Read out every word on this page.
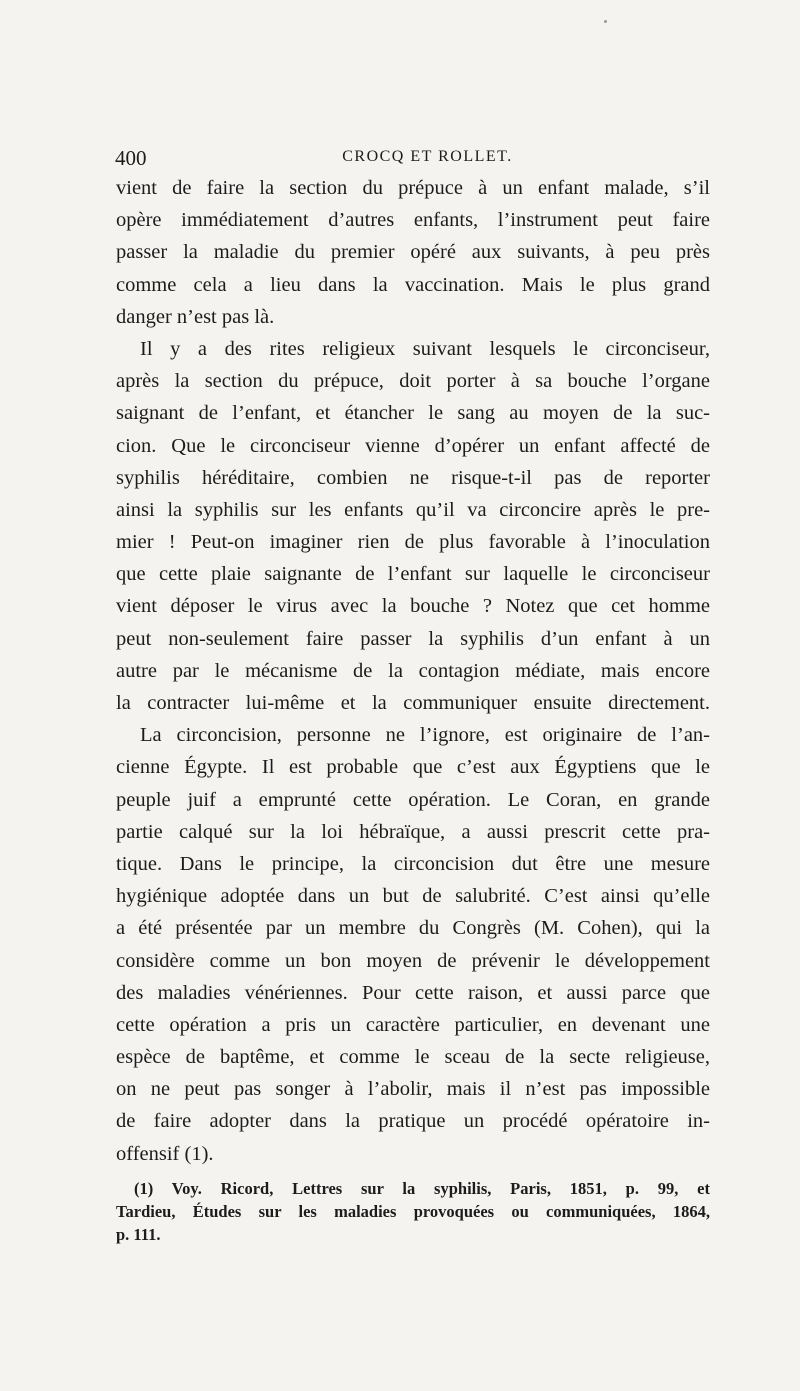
400	CROCQ ET ROLLET.
vient de faire la section du prépuce à un enfant malade, s’il
opère immédiatement d’autres enfants, l’instrument peut faire
passer la maladie du premier opéré aux suivants, à peu près
comme cela a lieu dans la vaccination. Mais le plus grand
danger n’est pas là.
Il y a des rites religieux suivant lesquels le circonciseur,
après la section du prépuce, doit porter à sa bouche l’organe
saignant de l’enfant, et étancher le sang au moyen de la suc-
cion. Que le circonciseur vienne d’opérer un enfant affecté de
syphilis héréditaire, combien ne risque-t-il pas de reporter
ainsi la syphilis sur les enfants qu’il va circoncire après le pre-
mier ! Peut-on imaginer rien de plus favorable à l’inoculation
que cette plaie saignante de l’enfant sur laquelle le circonciseur
vient déposer le virus avec la bouche ? Notez que cet homme
peut non-seulement faire passer la syphilis d’un enfant à un
autre par le mécanisme de la contagion médiate, mais encore
la contracter lui-même et la communiquer ensuite directement.
La circoncision, personne ne l’ignore, est originaire de l’an-
cienne Égypte. Il est probable que c’est aux Égyptiens que le
peuple juif a emprunté cette opération. Le Coran, en grande
partie calqué sur la loi hébraïque, a aussi prescrit cette pra-
tique. Dans le principe, la circoncision dut être une mesure
hygiénique adoptée dans un but de salubrité. C’est ainsi qu’elle
a été présentée par un membre du Congrès (M. Cohen), qui la
considère comme un bon moyen de prévenir le développement
des maladies vénériennes. Pour cette raison, et aussi parce que
cette opération a pris un caractère particulier, en devenant une
espèce de baptême, et comme le sceau de la secte religieuse,
on ne peut pas songer à l’abolir, mais il n’est pas impossible
de faire adopter dans la pratique un procédé opératoire in-
offensif (1).
(1) Voy. Ricord, Lettres sur la syphilis, Paris, 1851, p. 99, et
Tardieu, Études sur les maladies provoquées ou communiquées, 1864,
p. 111.
